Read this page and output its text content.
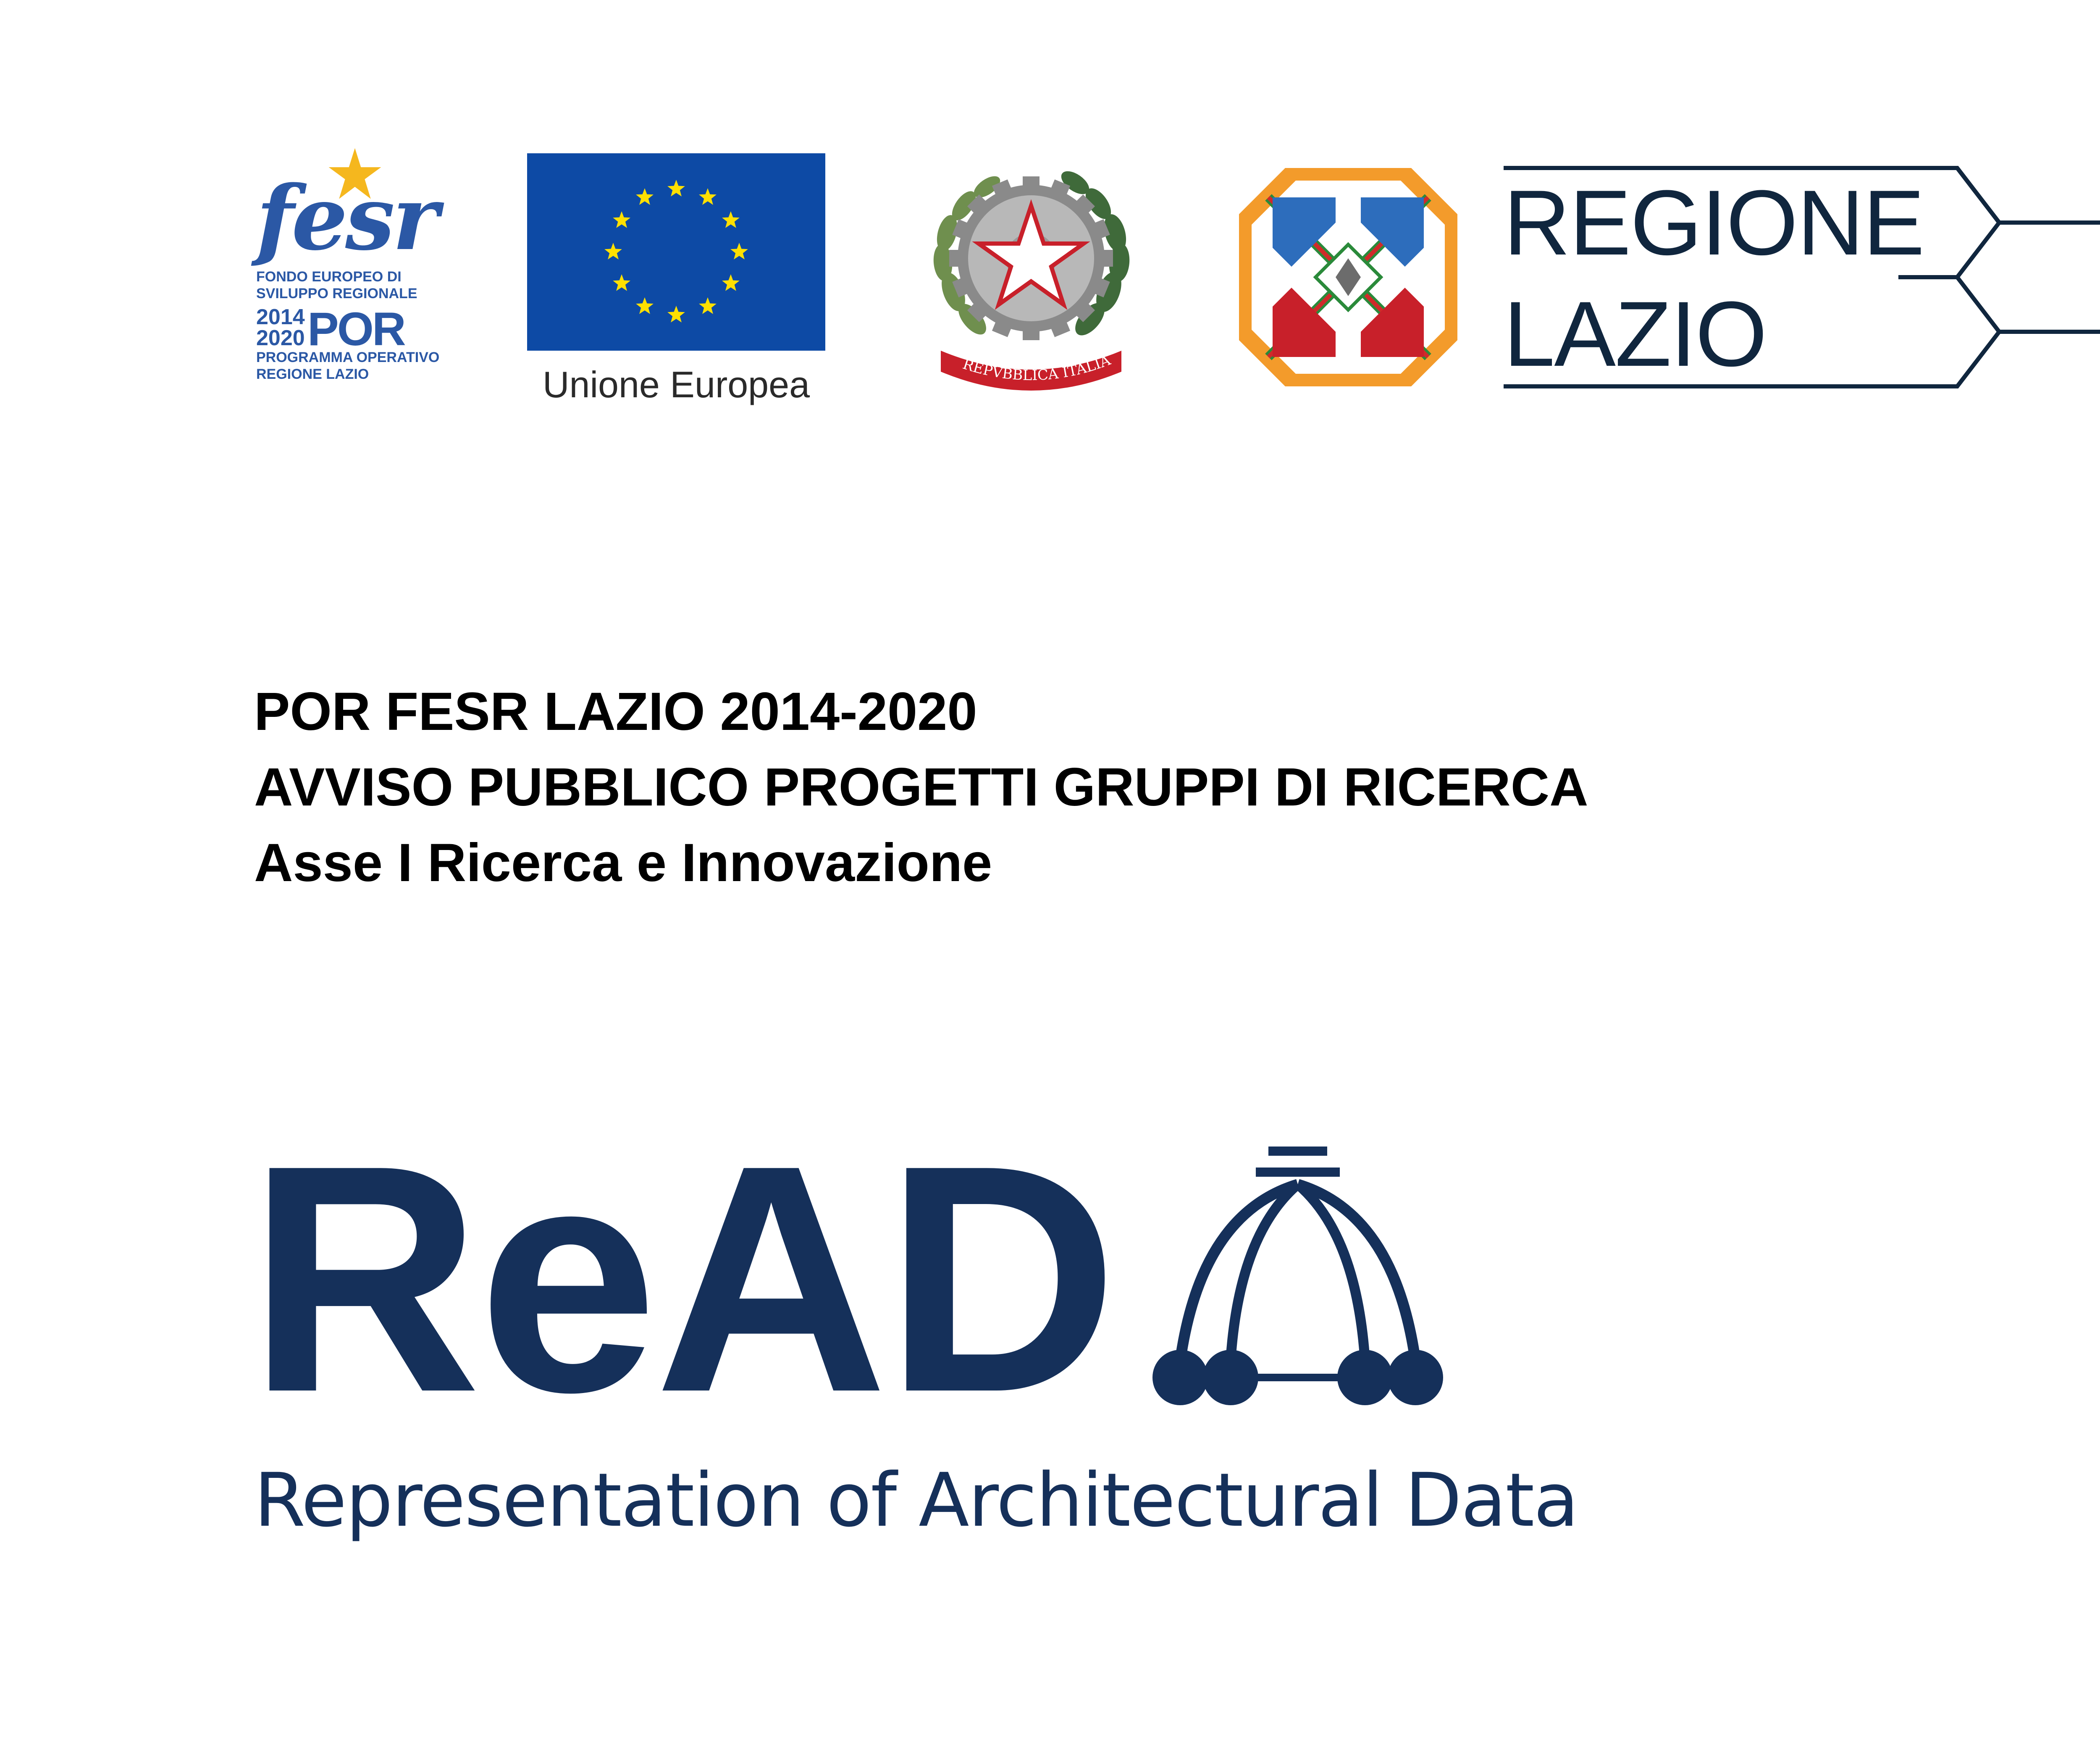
fesr
FONDO EUROPEO DI
SVILUPPO REGIONALE
2014
2020 POR
PROGRAMMA OPERATIVO
REGIONE LAZIO	Unione Europea	REPVBBLICA ITALIA
REGIONE
LAZIO
POR FESR LAZIO 2014-2020
AVVISO PUBBLICO PROGETTI GRUPPI DI RICERCA
Asse I Ricerca e Innovazione
ReAD
Representation of Architectural Data
